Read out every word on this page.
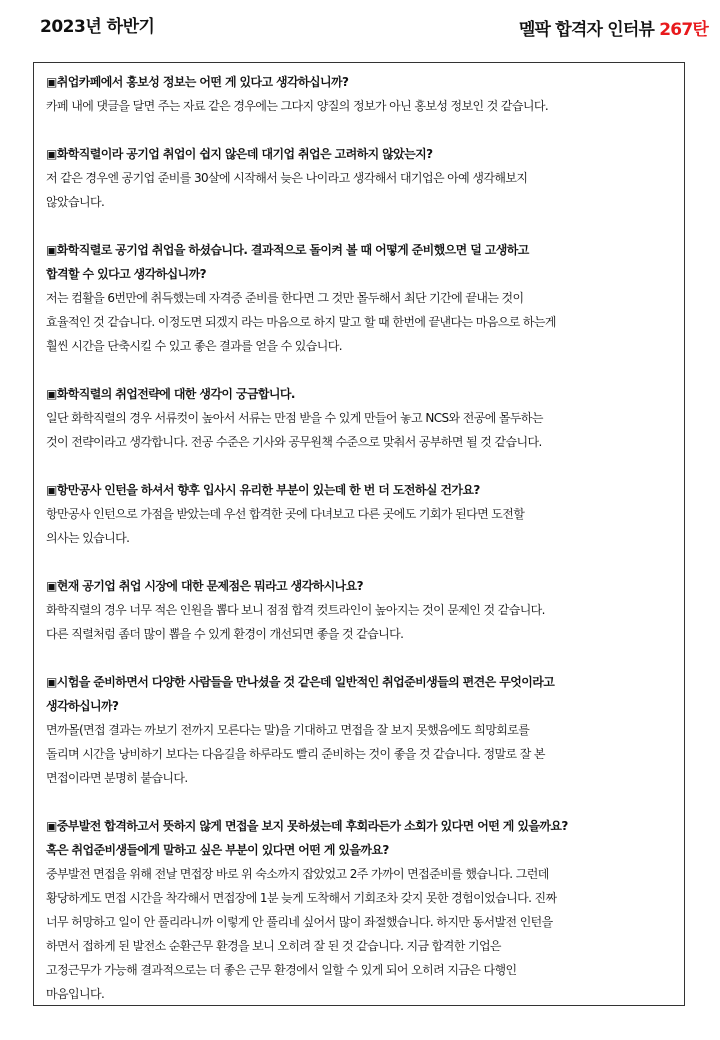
2023년 하반기	멜팍 합격자 인터뷰 267탄

▣취업카페에서 홍보성 정보는 어떤 게 있다고 생각하십니까?

카페 내에 댓글을 달면 주는 자료 같은 경우에는 그다지 양질의 정보가 아닌 홍보성 정보인 것 같습니다.

▣화학직렬이라 공기업 취업이 쉽지 않은데 대기업 취업은 고려하지 않았는지?

저 같은 경우엔 공기업 준비를 30살에 시작해서 늦은 나이라고 생각해서 대기업은 아예 생각해보지

않았습니다.

▣화학직렬로 공기업 취업을 하셨습니다. 결과적으로 돌이켜 볼 때 어떻게 준비했으면 덜 고생하고

합격할 수 있다고 생각하십니까?

저는 컴활을 6번만에 취득했는데 자격증 준비를 한다면 그 것만 몰두해서 최단 기간에 끝내는 것이

효율적인 것 같습니다. 이정도면 되겠지 라는 마음으로 하지 말고 할 때 한번에 끝낸다는 마음으로 하는게

훨씬 시간을 단축시킬 수 있고 좋은 결과를 얻을 수 있습니다.

▣화학직렬의 취업전략에 대한 생각이 궁금합니다.

일단 화학직렬의 경우 서류컷이 높아서 서류는 만점 받을 수 있게 만들어 놓고 NCS와 전공에 몰두하는

것이 전략이라고 생각합니다. 전공 수준은 기사와 공무원책 수준으로 맞춰서 공부하면 될 것 같습니다.

▣항만공사 인턴을 하셔서 향후 입사시 유리한 부분이 있는데 한 번 더 도전하실 건가요?

항만공사 인턴으로 가점을 받았는데 우선 합격한 곳에 다녀보고 다른 곳에도 기회가 된다면 도전할

의사는 있습니다.

▣현재 공기업 취업 시장에 대한 문제점은 뭐라고 생각하시나요?

화학직렬의 경우 너무 적은 인원을 뽑다 보니 점점 합격 컷트라인이 높아지는 것이 문제인 것 같습니다.

다른 직렬처럼 좀더 많이 뽑을 수 있게 환경이 개선되면 좋을 것 같습니다.

▣시험을 준비하면서 다양한 사람들을 만나셨을 것 같은데 일반적인 취업준비생들의 편견은 무엇이라고

생각하십니까?

면까몰(면접 결과는 까보기 전까지 모른다는 말)을 기대하고 면접을 잘 보지 못했음에도 희망회로를

돌리며 시간을 낭비하기 보다는 다음길을 하루라도 빨리 준비하는 것이 좋을 것 같습니다. 정말로 잘 본

면접이라면 분명히 붙습니다.

▣중부발전 합격하고서 뜻하지 않게 면접을 보지 못하셨는데 후회라든가 소회가 있다면 어떤 게 있을까요?

혹은 취업준비생들에게 말하고 싶은 부분이 있다면 어떤 게 있을까요?

중부발전 면접을 위해 전날 면접장 바로 위 숙소까지 잡았었고 2주 가까이 면접준비를 했습니다. 그런데

황당하게도 면접 시간을 착각해서 면접장에 1분 늦게 도착해서 기회조차 갖지 못한 경험이었습니다. 진짜

너무 허망하고 일이 안 풀리라니까 이렇게 안 풀리네 싶어서 많이 좌절했습니다. 하지만 동서발전 인턴을

하면서 접하게 된 발전소 순환근무 환경을 보니 오히려 잘 된 것 같습니다. 지금 합격한 기업은

고정근무가 가능해 결과적으로는 더 좋은 근무 환경에서 일할 수 있게 되어 오히려 지금은 다행인

마음입니다.
